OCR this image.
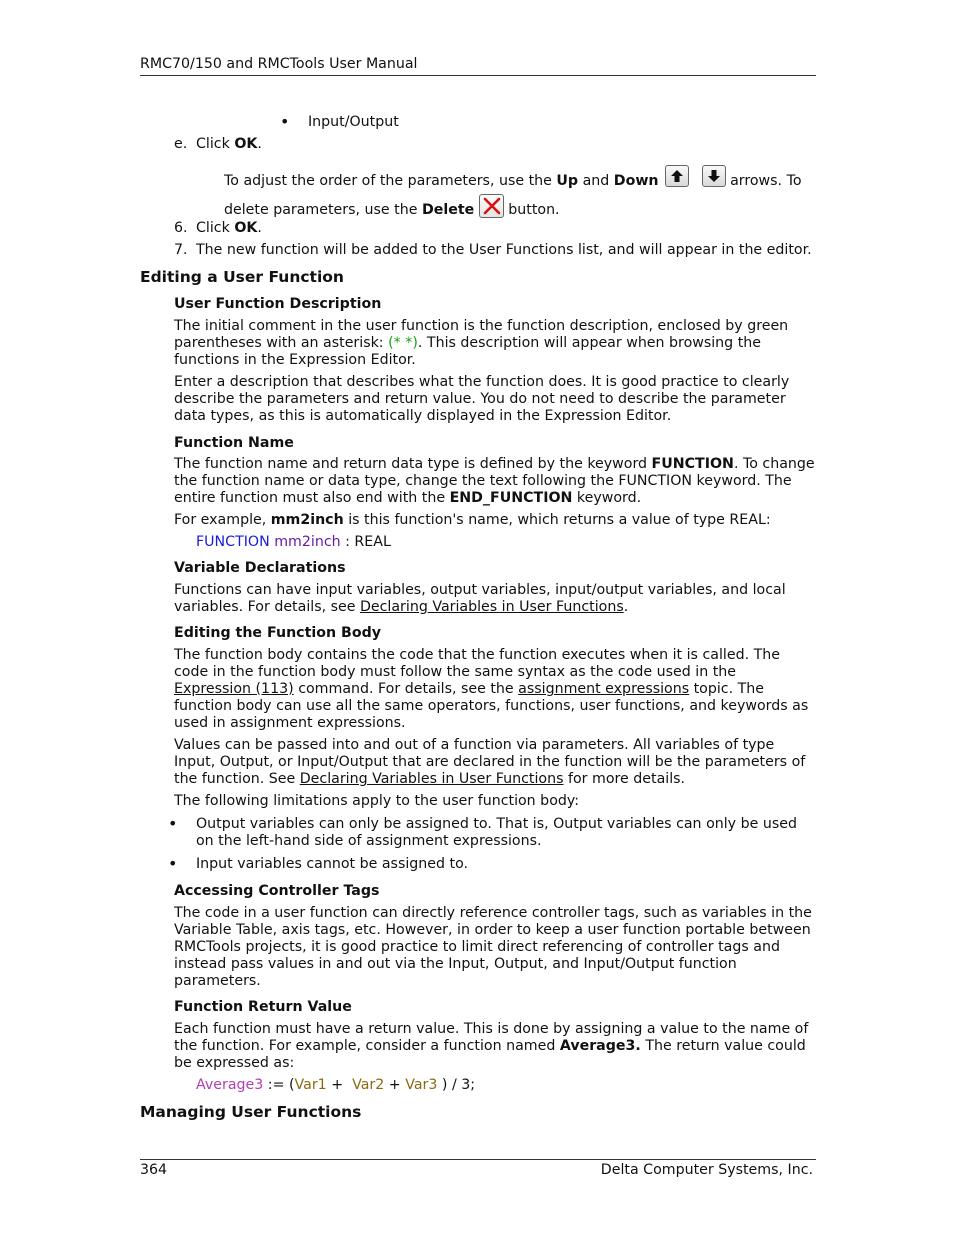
RMC70/150 and RMCTools User Manual
• Input/Output
e. Click OK.
To adjust the order of the parameters, use the Up and Down
	arrows. To
delete parameters, use the Delete
button.
6. Click OK.
7. The new function will be added to the User Functions list, and will appear in the editor.
Editing a User Function
User Function Description

The initial comment in the user function is the function description, enclosed by green parentheses with an asterisk: (* *). This description will appear when browsing the functions in the Expression Editor.

Enter a description that describes what the function does. It is good practice to clearly describe the parameters and return value. You do not need to describe the parameter data types, as this is automatically displayed in the Expression Editor.

Function Name

The function name and return data type is defined by the keyword FUNCTION. To change the function name or data type, change the text following the FUNCTION keyword. The entire function must also end with the END_FUNCTION keyword.

For example, mm2inch is this function's name, which returns a value of type REAL:

FUNCTION mm2inch : REAL
Variable Declarations

Functions can have input variables, output variables, input/output variables, and local variables. For details, see Declaring Variables in User Functions.

Editing the Function Body

The function body contains the code that the function executes when it is called. The code in the function body must follow the same syntax as the code used in the Expression (113) command. For details, see the assignment expressions topic. The function body can use all the same operators, functions, user functions, and keywords as used in assignment expressions.

Values can be passed into and out of a function via parameters. All variables of type Input, Output, or Input/Output that are declared in the function will be the parameters of the function. See Declaring Variables in User Functions for more details.

The following limitations apply to the user function body:

• Output variables can only be assigned to. That is, Output variables can only be used on the left-hand side of assignment expressions.

• Input variables cannot be assigned to.

Accessing Controller Tags

The code in a user function can directly reference controller tags, such as variables in the Variable Table, axis tags, etc. However, in order to keep a user function portable between RMCTools projects, it is good practice to limit direct referencing of controller tags and instead pass values in and out via the Input, Output, and Input/Output function parameters.

Function Return Value

Each function must have a return value. This is done by assigning a value to the name of the function. For example, consider a function named Average3. The return value could be expressed as:

Average3 := (Var1 +  Var2 + Var3 ) / 3;
Managing User Functions
364	Delta Computer Systems, Inc.
